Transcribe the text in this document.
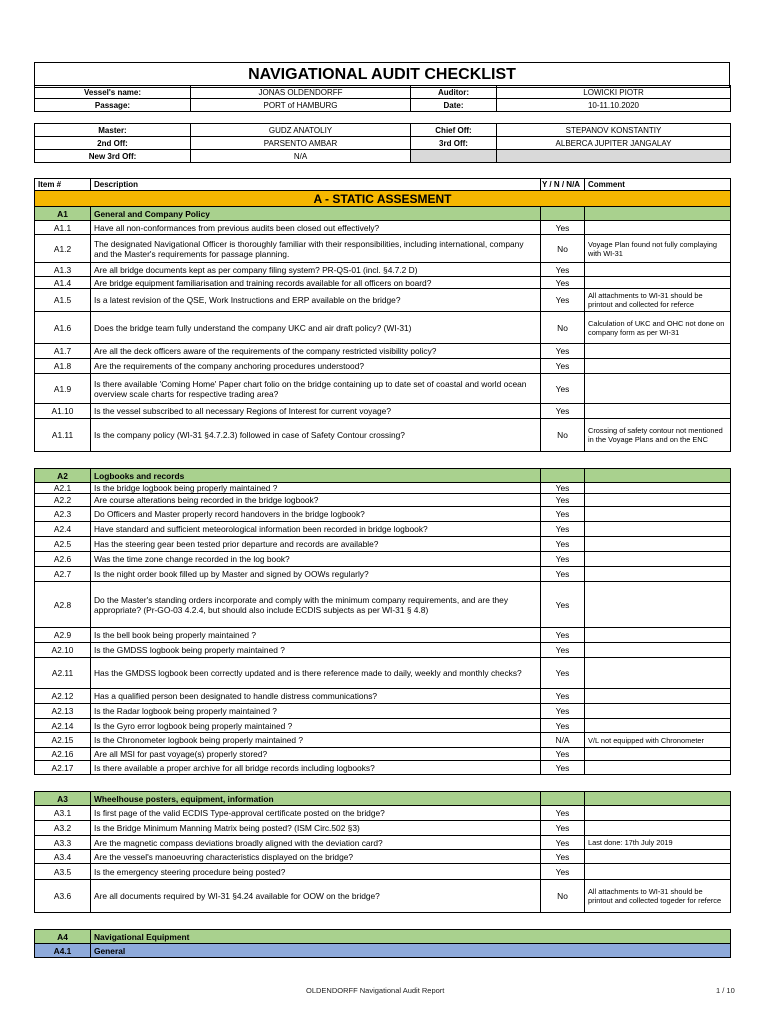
NAVIGATIONAL AUDIT CHECKLIST
Vessel's name:	JONAS OLDENDORFF	Auditor:	LOWICKI PIOTR
Passage:	PORT of HAMBURG	Date:	10-11.10.2020
Master:	GUDZ ANATOLIY	Chief Off:	STEPANOV KONSTANTIY
2nd Off:	PARSENTO AMBAR	3rd Off:	ALBERCA JUPITER JANGALAY
New 3rd Off:	N/A		
Item #	Description	Y / N / N/A	Comment
A - STATIC ASSESMENT			
A1	General and Company Policy		
A1.1	Have all non-conformances from previous audits been closed out effectively?	Yes	
A1.2	The designated Navigational Officer is thoroughly familiar with their responsibilities, including international, company and the Master's requirements for passage planning.	No	Voyage Plan found not fully complaying with WI-31
A1.3	Are all bridge documents kept as per company filing system? PR-QS-01 (incl. §4.7.2 D)	Yes	
A1.4	Are bridge equipment familiarisation and training records available for all officers on board?	Yes	
A1.5	Is a latest revision of the QSE, Work Instructions and ERP available on the bridge?	Yes	All attachments to WI-31 should be printout and collected for referce
A1.6	Does the bridge team fully understand the company UKC and air draft policy? (WI-31)	No	Calculation of UKC and OHC not done on company form as per WI-31
A1.7	Are all the deck officers aware of the requirements of the company restricted visibility policy?	Yes	
A1.8	Are the requirements of the company anchoring procedures understood?	Yes	
A1.9	Is there available 'Coming Home' Paper chart folio on the bridge containing up to date set of coastal and world ocean overview scale charts for respective trading area?	Yes	
A1.10	Is the vessel subscribed to all necessary Regions of Interest for current voyage?	Yes	
A1.11	Is the company policy (WI-31 §4.7.2.3) followed in case of Safety Contour crossing?	No	Crossing of safety contour not mentioned in the Voyage Plans and on the ENC

A2	Logbooks and records		
A2.1	Is the bridge logbook being properly maintained ?	Yes	
A2.2	Are course alterations being recorded in the bridge logbook?	Yes	
A2.3	Do Officers and Master properly record handovers in the bridge logbook?	Yes	
A2.4	Have standard and sufficient meteorological information been recorded in bridge logbook?	Yes	
A2.5	Has the steering gear been tested prior departure and records are available?	Yes	
A2.6	Was the time zone change recorded in the log book?	Yes	
A2.7	Is the night order book filled up by Master and signed by OOWs regularly?	Yes	
A2.8	Do the Master's standing orders incorporate and comply with the minimum company requirements, and are they appropriate? (Pr-GO-03 4.2.4, but should also include ECDIS subjects as per WI-31 § 4.8)	Yes	
A2.9	Is the bell book being properly maintained ?	Yes	
A2.10	Is the GMDSS logbook being properly maintained ?	Yes	
A2.11	Has the GMDSS logbook been correctly updated and is there reference made to daily, weekly and monthly checks?	Yes	
A2.12	Has a qualified person been designated to handle distress communications?	Yes	
A2.13	Is the Radar logbook being properly maintained ?	Yes	
A2.14	Is the Gyro error logbook being properly maintained ?	Yes	
A2.15	Is the Chronometer logbook being properly maintained ?	N/A	V/L not equipped with Chronometer
A2.16	Are all MSI for past voyage(s) properly stored?	Yes	
A2.17	Is there available a proper archive for all bridge records including logbooks?	Yes	

A3	Wheelhouse posters, equipment, information		
A3.1	Is first page of the valid ECDIS Type-approval certificate posted on the bridge?	Yes	
A3.2	Is the Bridge Minimum Manning Matrix being posted? (ISM Circ.502 §3)	Yes	
A3.3	Are the magnetic compass deviations broadly aligned with the deviation card?	Yes	Last done: 17th July 2019
A3.4	Are the vessel's manoeuvring characteristics displayed on the bridge?	Yes	
A3.5	Is the emergency steering procedure being posted?	Yes	
A3.6	Are all documents required by WI-31 §4.24 available for OOW on the bridge?	No	All attachments to WI-31 should be printout and collected togeder for referce

A4	Navigational Equipment		
A4.1	General		
OLDENDORFF Navigational Audit Report	1 / 10
